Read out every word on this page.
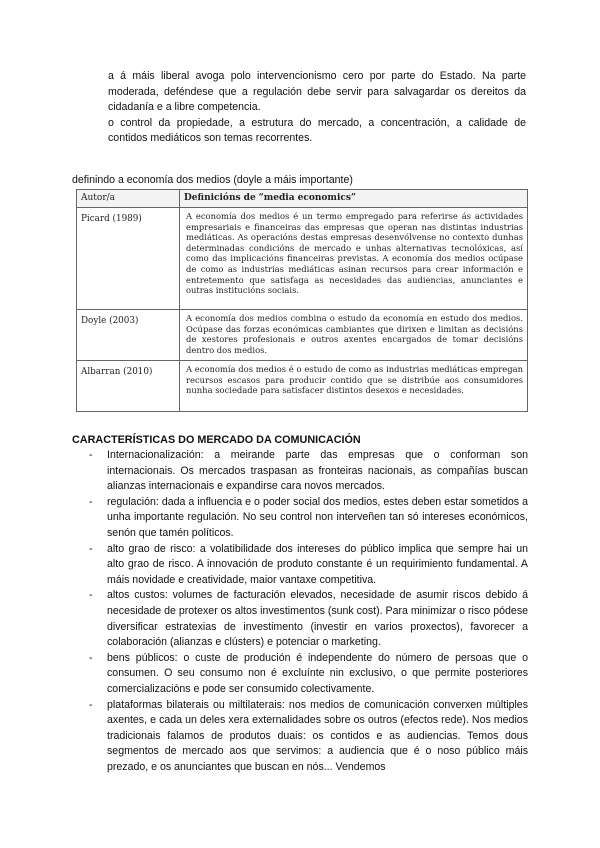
a á máis liberal avoga polo intervencionismo cero por parte do Estado. Na parte moderada, deféndese que a regulación debe servir para salvagardar os dereitos da cidadanía e a libre competencia.
o control da propiedade, a estrutura do mercado, a concentración, a calidade de contidos mediáticos son temas recorrentes.
definindo a economía dos medios (doyle a máis importante)
Autor/a	Definicións de “media economics”
Picard (1989)	A economía dos medios é un termo empregado para referirse ás actividades empresariais e financeiras das empresas que operan nas distintas industrias mediáticas. As operacións destas empresas desenvólvense no contexto dunhas determinadas condicións de mercado e unhas alternativas tecnolóxicas, así como das implicacións financeiras previstas. A economía dos medios ocúpase de como as industrias mediáticas asinan recursos para crear información e entretemento que satisfaga as necesidades das audiencias, anunciantes e outras institucións sociais.
Doyle (2003)	A economía dos medios combina o estudo da economía en estudo dos medios. Ocúpase das forzas económicas cambiantes que dirixen e limitan as decisións de xestores profesionais e outros axentes encargados de tomar decisións dentro dos medios.
Albarran (2010)	A economía dos medios é o estudo de como as industrias mediáticas empregan recursos escasos para producir contido que se distribúe aos consumidores nunha sociedade para satisfacer distintos desexos e necesidades.
CARACTERÍSTICAS DO MERCADO DA COMUNICACIÓN
- Internacionalización: a meirande parte das empresas que o conforman son internacionais. Os mercados traspasan as fronteiras nacionais, as compañías buscan alianzas internacionais e expandirse cara novos mercados.
- regulación: dada a influencia e o poder social dos medios, estes deben estar sometidos a unha importante regulación. No seu control non interveñen tan só intereses económicos, senón que tamén políticos.
- alto grao de risco: a volatibilidade dos intereses do público implica que sempre hai un alto grao de risco. A innovación de produto constante é un requirimiento fundamental. A máis novidade e creatividade, maior vantaxe competitiva.
- altos custos: volumes de facturación elevados, necesidade de asumir riscos debido á necesidade de protexer os altos investimentos (sunk cost). Para minimizar o risco pódese diversificar estratexias de investimento (investir en varios proxectos), favorecer a colaboración (alianzas e clústers) e potenciar o marketing.
- bens públicos: o custe de produción é independente do número de persoas que o consumen. O seu consumo non é excluínte nin exclusivo, o que permite posteriores comercializacións e pode ser consumido colectivamente.
- plataformas bilaterais ou miltilaterais: nos medios de comunicación converxen múltiples axentes, e cada un deles xera externalidades sobre os outros (efectos rede). Nos medios tradicionais falamos de produtos duais: os contidos e as audiencias. Temos dous segmentos de mercado aos que servimos: a audiencia que é o noso público máis prezado, e os anunciantes que buscan en nós... Vendemos
